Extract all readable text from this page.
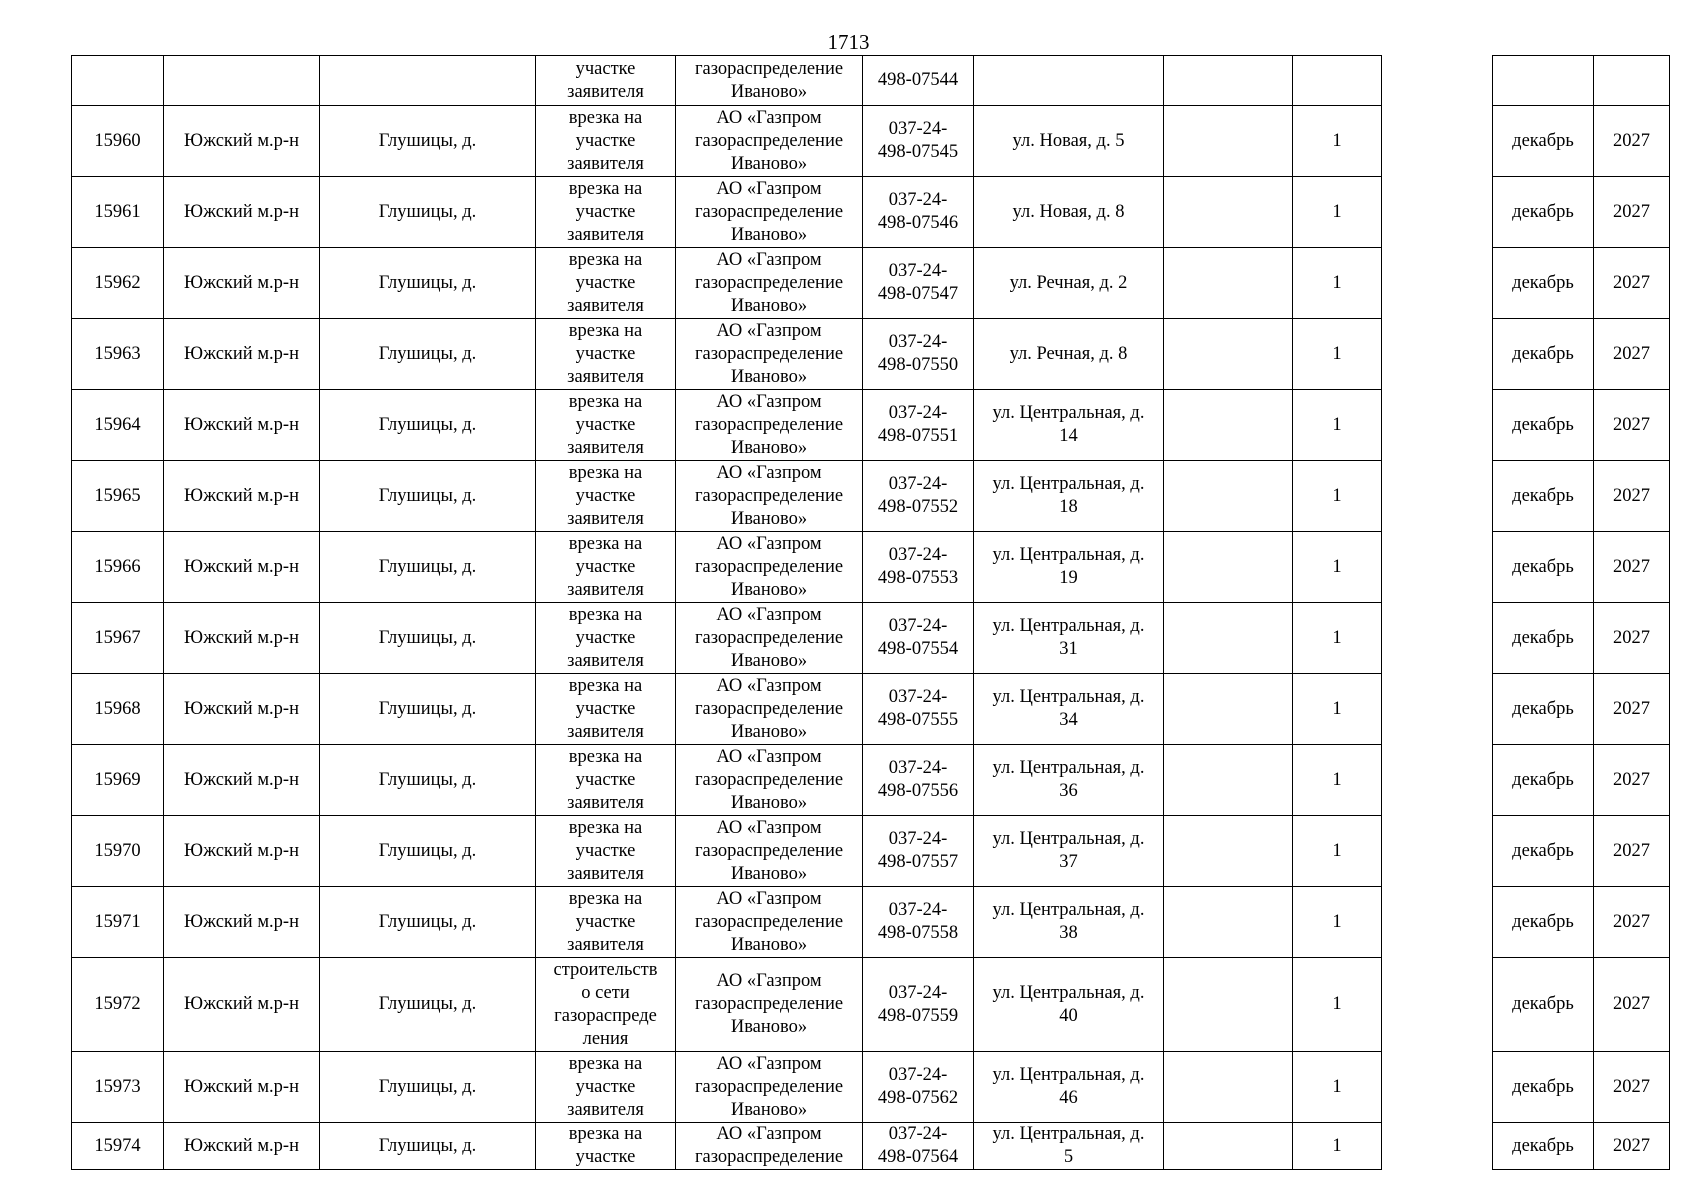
1713

			участке
заявителя	газораспределение
Иваново»	498-07544						

15960	Южский м.р-н	Глушицы, д.	врезка на
участке
заявителя	АО «Газпром
газораспределение
Иваново»	037-24-
498-07545	ул. Новая, д. 5		1		декабрь	2027

15961	Южский м.р-н	Глушицы, д.	врезка на
участке
заявителя	АО «Газпром
газораспределение
Иваново»	037-24-
498-07546	ул. Новая, д. 8		1		декабрь	2027

15962	Южский м.р-н	Глушицы, д.	врезка на
участке
заявителя	АО «Газпром
газораспределение
Иваново»	037-24-
498-07547	ул. Речная, д. 2		1		декабрь	2027

15963	Южский м.р-н	Глушицы, д.	врезка на
участке
заявителя	АО «Газпром
газораспределение
Иваново»	037-24-
498-07550	ул. Речная, д. 8		1		декабрь	2027

15964	Южский м.р-н	Глушицы, д.	врезка на
участке
заявителя	АО «Газпром
газораспределение
Иваново»	037-24-
498-07551	ул. Центральная, д.
14		1		декабрь	2027

15965	Южский м.р-н	Глушицы, д.	врезка на
участке
заявителя	АО «Газпром
газораспределение
Иваново»	037-24-
498-07552	ул. Центральная, д.
18		1		декабрь	2027

15966	Южский м.р-н	Глушицы, д.	врезка на
участке
заявителя	АО «Газпром
газораспределение
Иваново»	037-24-
498-07553	ул. Центральная, д.
19		1		декабрь	2027

15967	Южский м.р-н	Глушицы, д.	врезка на
участке
заявителя	АО «Газпром
газораспределение
Иваново»	037-24-
498-07554	ул. Центральная, д.
31		1		декабрь	2027

15968	Южский м.р-н	Глушицы, д.	врезка на
участке
заявителя	АО «Газпром
газораспределение
Иваново»	037-24-
498-07555	ул. Центральная, д.
34		1		декабрь	2027

15969	Южский м.р-н	Глушицы, д.	врезка на
участке
заявителя	АО «Газпром
газораспределение
Иваново»	037-24-
498-07556	ул. Центральная, д.
36		1		декабрь	2027

15970	Южский м.р-н	Глушицы, д.	врезка на
участке
заявителя	АО «Газпром
газораспределение
Иваново»	037-24-
498-07557	ул. Центральная, д.
37		1		декабрь	2027

15971	Южский м.р-н	Глушицы, д.	врезка на
участке
заявителя	АО «Газпром
газораспределение
Иваново»	037-24-
498-07558	ул. Центральная, д.
38		1		декабрь	2027

15972	Южский м.р-н	Глушицы, д.	строительств
о сети
газораспреде
ления	АО «Газпром
газораспределение
Иваново»	037-24-
498-07559	ул. Центральная, д.
40		1		декабрь	2027

15973	Южский м.р-н	Глушицы, д.	врезка на
участке
заявителя	АО «Газпром
газораспределение
Иваново»	037-24-
498-07562	ул. Центральная, д.
46		1		декабрь	2027

15974	Южский м.р-н	Глушицы, д.	врезка на
участке	АО «Газпром
газораспределение	037-24-
498-07564	ул. Центральная, д.
5		1		декабрь	2027
